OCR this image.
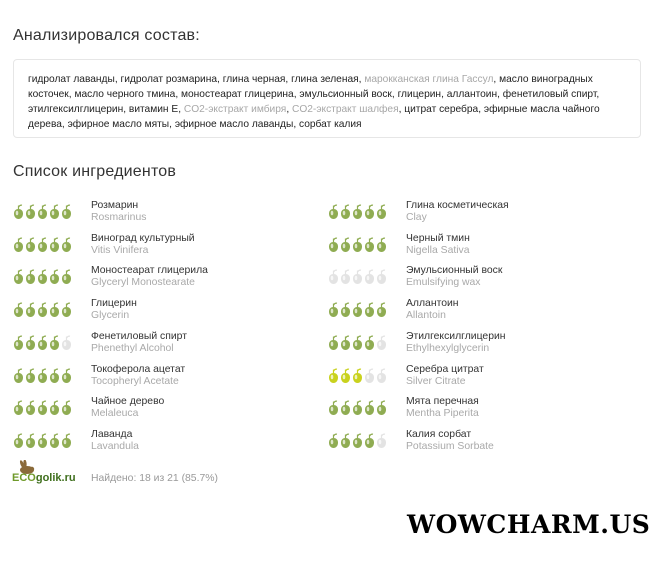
Анализировался состав:
гидролат лаванды, гидролат розмарина, глина черная, глина зеленая, марокканская глина Гассул, масло виноградных косточек, масло черного тмина, моностеарат глицерина, эмульсионный воск, глицерин, аллантоин, фенетиловый спирт, этилгексилглицерин, витамин Е, CO2-экстракт имбиря, CO2-экстракт шалфея, цитрат серебра, эфирные масла чайного дерева, эфирное масло мяты, эфирное масло лаванды, сорбат калия
Список ингредиентов
Розмарин
Rosmarinus
Виноград культурный
Vitis Vinifera
Моностеарат глицерила
Glyceryl Monostearate
Глицерин
Glycerin
Фенетиловый спирт
Phenethyl Alcohol
Токоферола ацетат
Tocopheryl Acetate
Чайное дерево
Melaleuca
Лаванда
Lavandula
Глина косметическая
Clay
Черный тмин
Nigella Sativa
Эмульсионный воск
Emulsifying wax
Аллантоин
Allantoin
Этилгексилглицерин
Ethylhexylglycerin
Серебра цитрат
Silver Citrate
Мята перечная
Mentha Piperita
Калия сорбат
Potassium Sorbate
ECOgolik.ru Найдено: 18 из 21 (85.7%)
WOWCHARM.US
